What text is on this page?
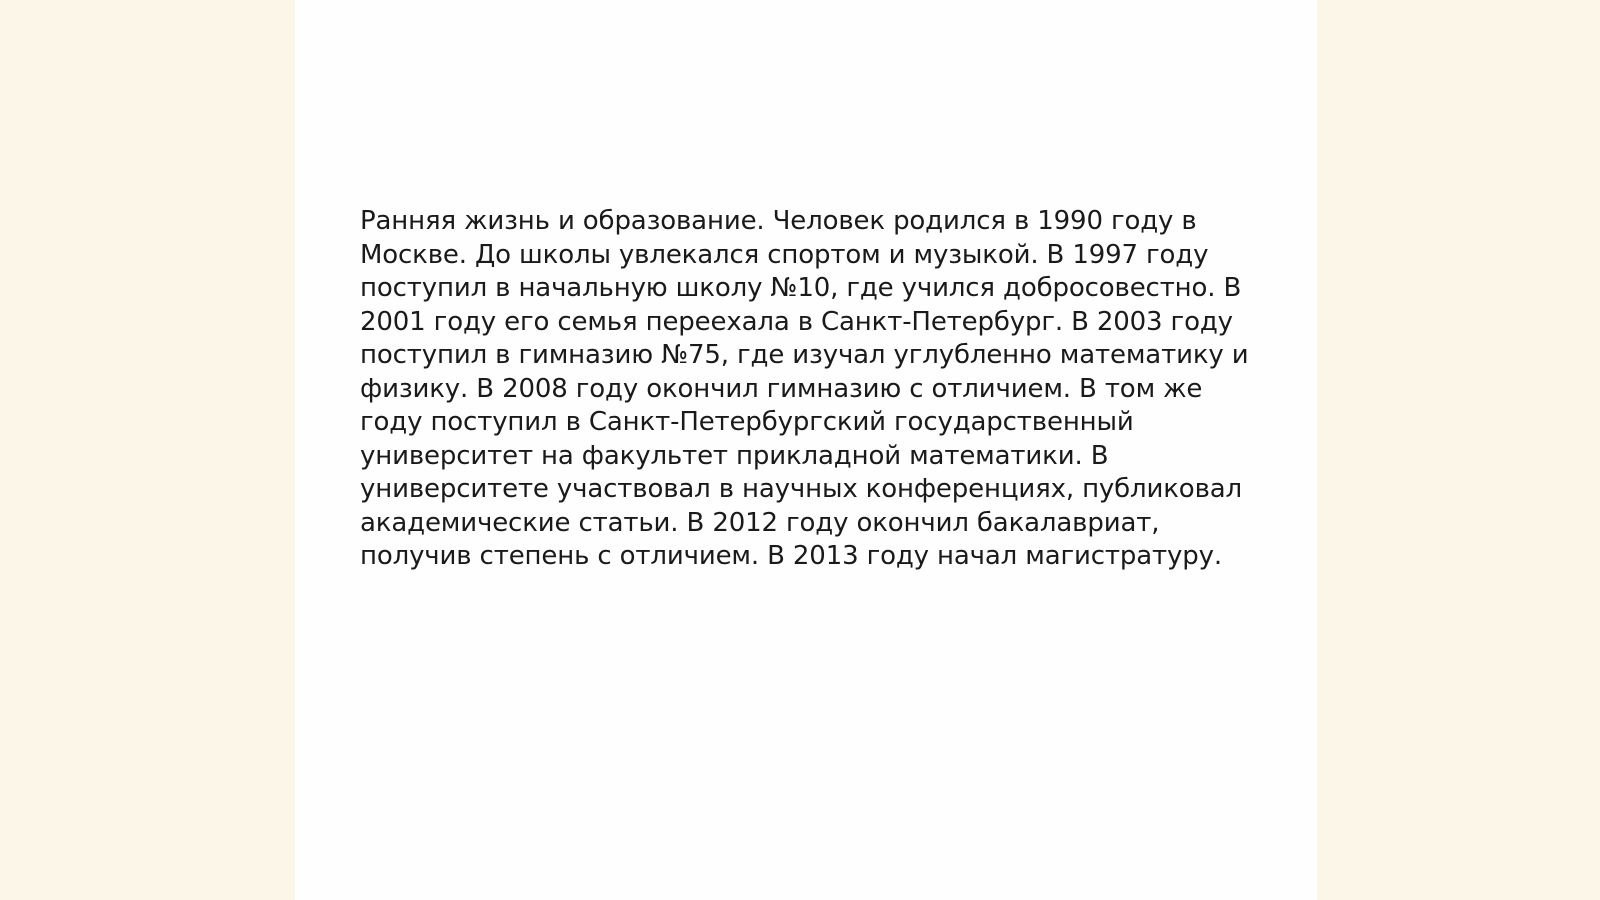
Ранняя жизнь и образование. Человек родился в 1990 году в Москве. До школы увлекался спортом и музыкой. В 1997 году поступил в начальную школу №10, где учился добросовестно. В 2001 году его семья переехала в Санкт-Петербург. В 2003 году поступил в гимназию №75, где изучал углубленно математику и физику. В 2008 году окончил гимназию с отличием. В том же году поступил в Санкт-Петербургский государственный университет на факультет прикладной математики. В университете участвовал в научных конференциях, публиковал академические статьи. В 2012 году окончил бакалавриат, получив степень с отличием. В 2013 году начал магистратуру.
